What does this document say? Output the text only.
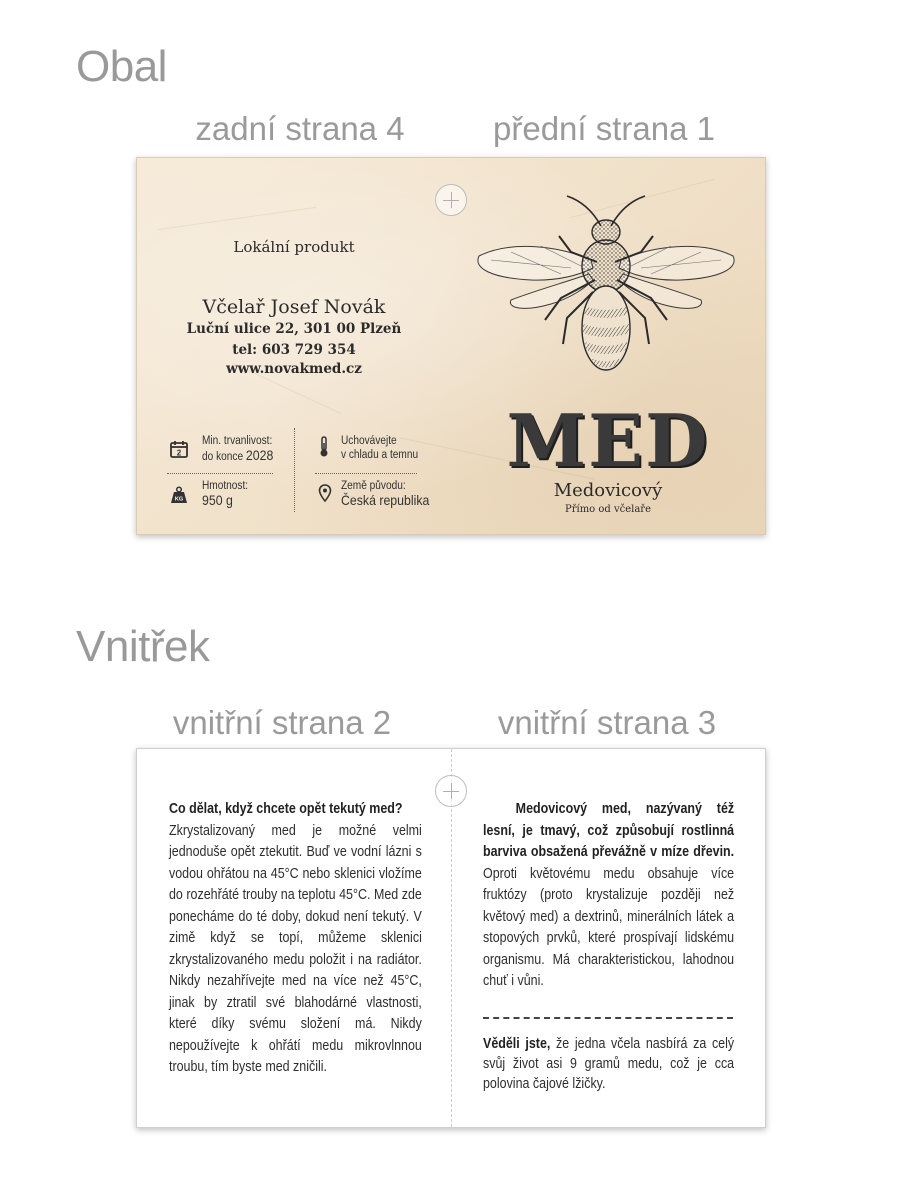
Obal
zadní strana 4	přední strana 1
Lokální produkt
Včelař Josef Novák
Luční ulice 22, 301 00 Plzeň
tel: 603 729 354
www.novakmed.cz
2
Min. trvanlivost:
do konce 2028
KG
Hmotnost:
950 g
Uchovávejte
v chladu a temnu
Země původu:
Česká republika
MED
Medovicový
Přímo od včelaře
Vnitřek
vnitřní strana 2	vnitřní strana 3
Co dělat, když chcete opět tekutý med?
Zkrystalizovaný med je možné velmi jednoduše opět ztekutit. Buď ve vodní lázni s vodou ohřátou na 45°C nebo sklenici vložíme do rozehřáté trouby na teplotu 45°C. Med zde ponecháme do té doby, dokud není tekutý. V zimě když se topí, můžeme sklenici zkrystalizovaného medu položit i na radiátor. Nikdy nezahřívejte med na více než 45°C, jinak by ztratil své blahodárné vlastnosti, které díky svému složení má. Nikdy nepoužívejte k ohřátí medu mikrovlnnou troubu, tím byste med zničili.
Medovicový med, nazývaný též lesní, je tmavý, což způsobují rostlinná barviva obsažená převážně v míze dřevin. Oproti květovému medu obsahuje více fruktózy (proto krystalizuje později než květový med) a dextrinů, minerálních látek a stopových prvků, které prospívají lidskému organismu. Má charakteristickou, lahodnou chuť i vůni.
Věděli jste, že jedna včela nasbírá za celý svůj život asi 9 gramů medu, což je cca polovina čajové lžičky.
